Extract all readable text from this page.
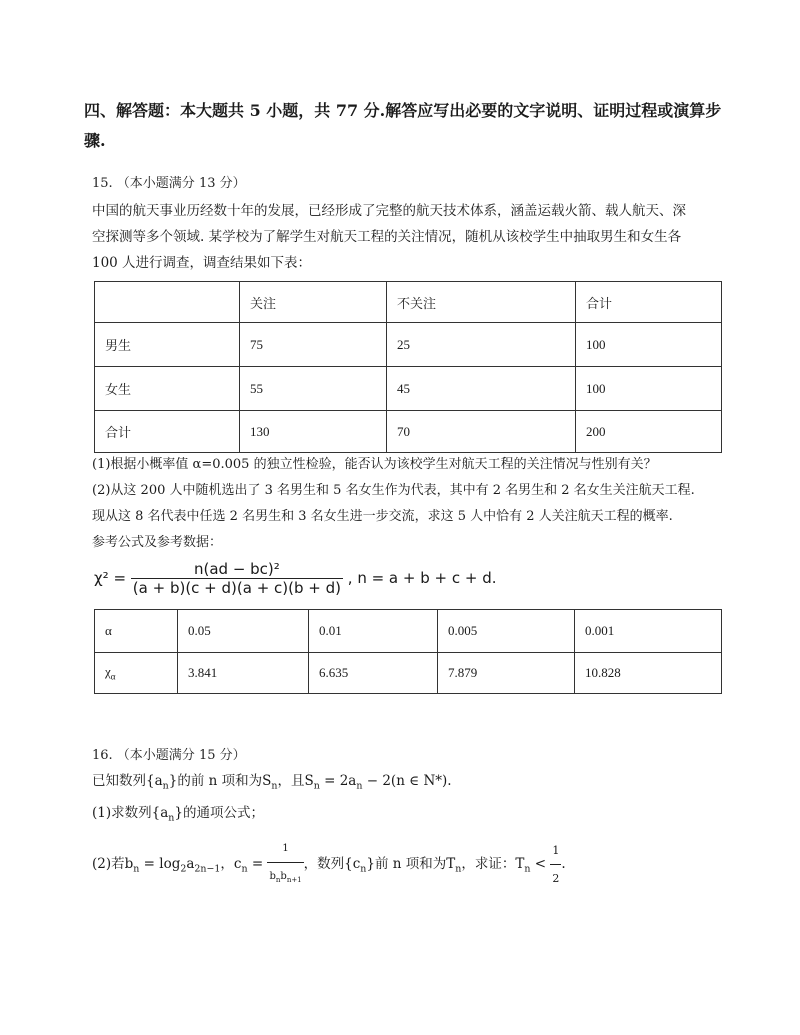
四、解答题：本大题共 5 小题，共 77 分.解答应写出必要的文字说明、证明过程或演算步骤.
15. （本小题满分 13 分）
中国的航天事业历经数十年的发展，已经形成了完整的航天技术体系，涵盖运载火箭、载人航天、深
空探测等多个领域. 某学校为了解学生对航天工程的关注情况，随机从该校学生中抽取男生和女生各
100 人进行调查，调查结果如下表：
	关注	不关注	合计
男生	75	25	100
女生	55	45	100
合计	130	70	200
(1)根据小概率值 α=0.005 的独立性检验，能否认为该校学生对航天工程的关注情况与性别有关？
(2)从这 200 人中随机选出了 3 名男生和 5 名女生作为代表，其中有 2 名男生和 2 名女生关注航天工程.
现从这 8 名代表中任选 2 名男生和 3 名女生进一步交流，求这 5 人中恰有 2 人关注航天工程的概率.
参考公式及参考数据：
$\chi^2 = \frac{\text{n(ad − bc)²}}{(a + b)(c + d)(a + c)(b + d)}$ , n = a + b + c + d.
α	0.05	0.01	0.005	0.001
$\chi_\alpha$	3.841	6.635	7.879	10.828
16. （本小题满分 15 分）
已知数列$\{a_n\}$的前 n 项和为$S_n$，且$S_n = 2a_n - 2(n$ ∈ N*).
(1)求数列$\{a_n\}$的通项公式；
(2)若$b_n = \log_2a_{2n-1}$，$c_n = \frac{1}{b_nb_{n+1}}$ ，数列$\{c_n\}$前 n 项和为$T_n$，求证：$T_n < \frac{1}{2}$ .
